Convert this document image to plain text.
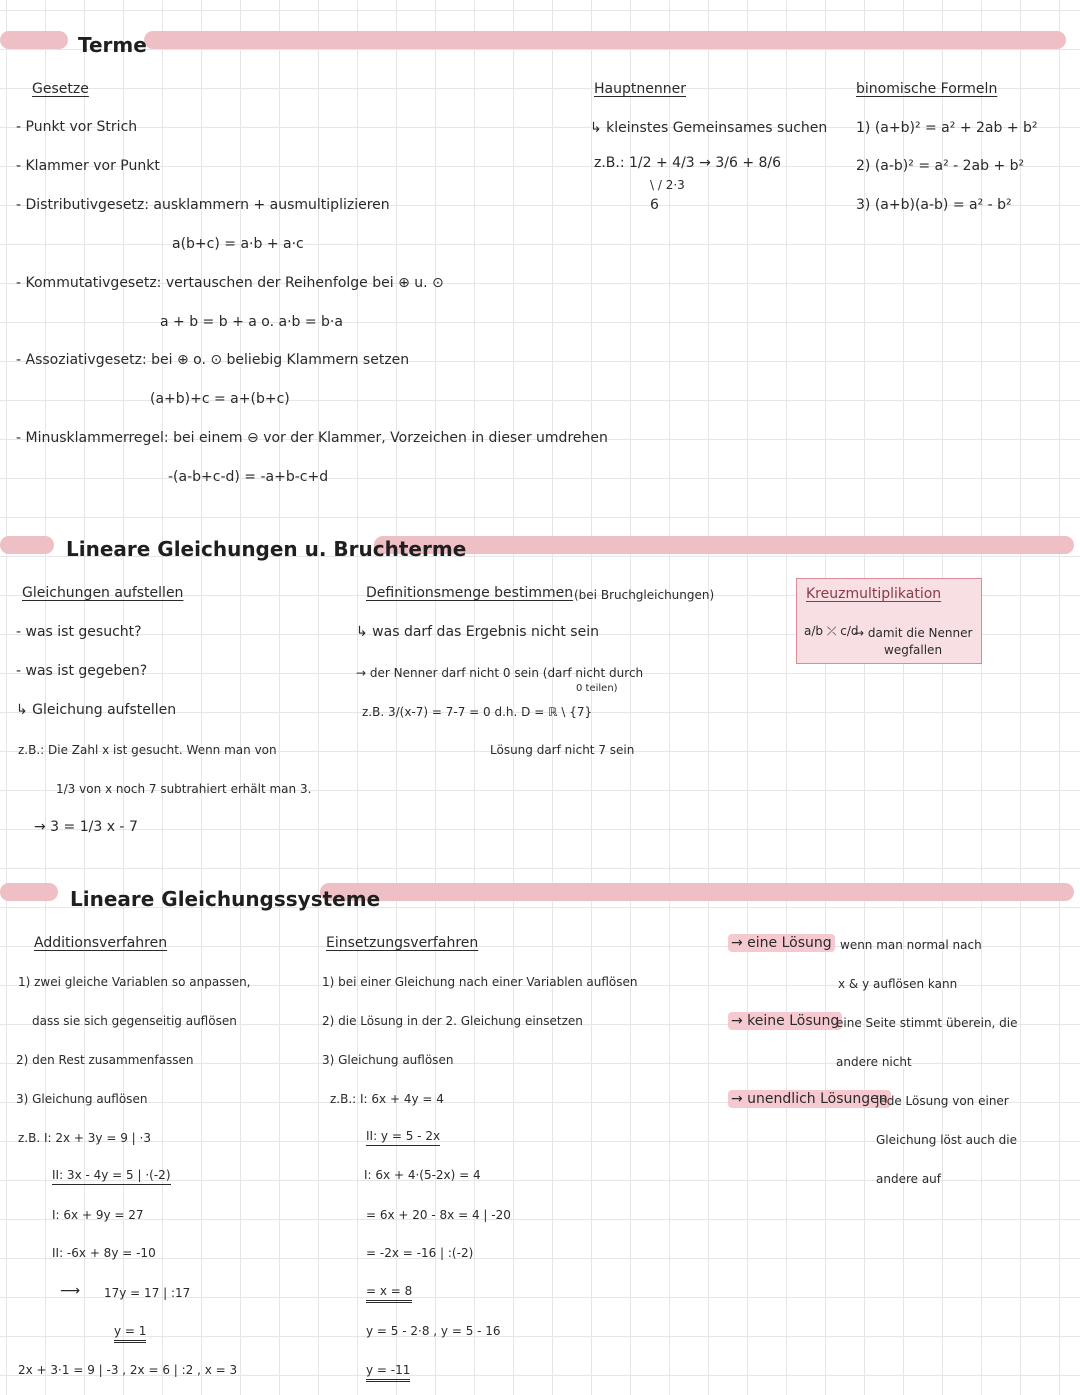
Terme
Gesetze
- Punkt vor Strich
- Klammer vor Punkt
- Distributivgesetz: ausklammern + ausmultiplizieren
a(b+c) = a·b + a·c
- Kommutativgesetz: vertauschen der Reihenfolge bei ⊕ u. ⊙
a + b = b + a o. a·b = b·a
- Assoziativgesetz: bei ⊕ o. ⊙ beliebig Klammern setzen
(a+b)+c = a+(b+c)
- Minusklammerregel: bei einem ⊖ vor der Klammer, Vorzeichen in dieser umdrehen
-(a-b+c-d) = -a+b-c+d
Hauptnenner
↳ kleinstes Gemeinsames suchen
z.B.: 1/2 + 4/3 → 3/6 + 8/6
\ / 2·3
6
binomische Formeln
1) (a+b)² = a² + 2ab + b²
2) (a-b)² = a² - 2ab + b²
3) (a+b)(a-b) = a² - b²
Lineare Gleichungen u. Bruchterme
Gleichungen aufstellen
- was ist gesucht?
- was ist gegeben?
↳ Gleichung aufstellen
z.B.: Die Zahl x ist gesucht. Wenn man von
1/3 von x noch 7 subtrahiert erhält man 3.
→ 3 = 1/3 x - 7
Definitionsmenge bestimmen (bei Bruchgleichungen)
↳ was darf das Ergebnis nicht sein
→ der Nenner darf nicht 0 sein (darf nicht durch
0 teilen)
z.B. 3/(x-7) = 7-7 = 0 d.h. D = ℝ \ {7}
Lösung darf nicht 7 sein
Kreuzmultiplikation
a/b ⤫ c/d
→ damit die Nenner
wegfallen
Lineare Gleichungssysteme
Additionsverfahren
1) zwei gleiche Variablen so anpassen,
dass sie sich gegenseitig auflösen
2) den Rest zusammenfassen
3) Gleichung auflösen
z.B. I: 2x + 3y = 9 | ·3
II: 3x - 4y = 5 | ·(-2)
I: 6x + 9y = 27
II: -6x + 8y = -10
⟶ 17y = 17 | :17
y = 1
2x + 3·1 = 9 | -3 , 2x = 6 | :2 , x = 3
Einsetzungsverfahren
1) bei einer Gleichung nach einer Variablen auflösen
2) die Lösung in der 2. Gleichung einsetzen
3) Gleichung auflösen
z.B.: I: 6x + 4y = 4
II: y = 5 - 2x
I: 6x + 4·(5-2x) = 4
= 6x + 20 - 8x = 4 | -20
= -2x = -16 | :(-2)
= x = 8
y = 5 - 2·8 , y = 5 - 16
y = -11
→ eine Lösung wenn man normal nach
x & y auflösen kann
→ keine Lösung
eine Seite stimmt überein, die
andere nicht
→ unendlich Lösungen
jede Lösung von einer
Gleichung löst auch die
andere auf
